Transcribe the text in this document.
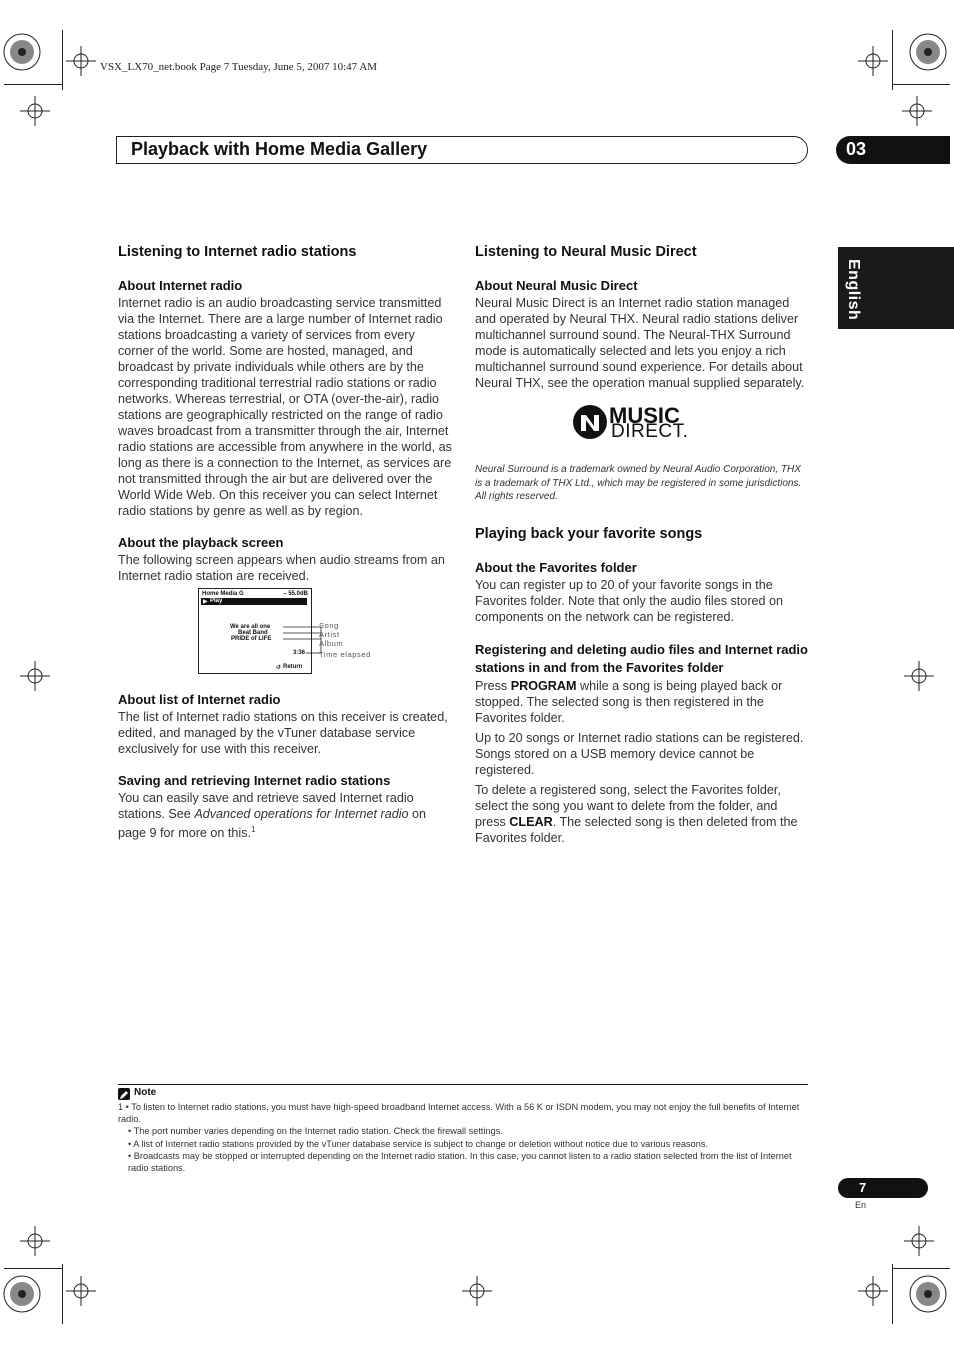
VSX_LX70_net.book Page 7 Tuesday, June 5, 2007 10:47 AM
Playback with Home Media Gallery	03
English
Listening to Internet radio stations
About Internet radio

Internet radio is an audio broadcasting service transmitted via the Internet. There are a large number of Internet radio stations broadcasting a variety of services from every corner of the world. Some are hosted, managed, and broadcast by private individuals while others are by the corresponding traditional terrestrial radio stations or radio networks. Whereas terrestrial, or OTA (over-the-air), radio stations are geographically restricted on the range of radio waves broadcast from a transmitter through the air, Internet radio stations are accessible from anywhere in the world, as long as there is a connection to the Internet, as services are not transmitted through the air but are delivered over the World Wide Web. On this receiver you can select Internet radio stations by genre as well as by region.

About the playback screen

The following screen appears when audio streams from an Internet radio station are received.

Home Media G	– 55.0dB
▶ Play
We are all one
Beat Band
PRIDE of LIFE
3:36
↺ Return
Song
Artist
Album
Time elapsed
About list of Internet radio

The list of Internet radio stations on this receiver is created, edited, and managed by the vTuner database service exclusively for use with this receiver.

Saving and retrieving Internet radio stations

You can easily save and retrieve saved Internet radio stations. See Advanced operations for Internet radio on page 9 for more on this.$^1$

Listening to Neural Music Direct
About Neural Music Direct

Neural Music Direct is an Internet radio station managed and operated by Neural THX. Neural radio stations deliver multichannel surround sound. The Neural-THX Surround mode is automatically selected and lets you enjoy a rich multichannel surround sound experience. For details about Neural THX, see the operation manual supplied separately.

MUSIC
DIRECT.
Neural Surround is a trademark owned by Neural Audio Corporation, THX is a trademark of THX Ltd., which may be registered in some jurisdictions. All rights reserved.
Playing back your favorite songs
About the Favorites folder

You can register up to 20 of your favorite songs in the Favorites folder. Note that only the audio files stored on components on the network can be registered.

Registering and deleting audio files and Internet radio stations in and from the Favorites folder

Press PROGRAM while a song is being played back or stopped. The selected song is then registered in the Favorites folder.

Up to 20 songs or Internet radio stations can be registered. Songs stored on a USB memory device cannot be registered.

To delete a registered song, select the Favorites folder, select the song you want to delete from the folder, and press CLEAR. The selected song is then deleted from the Favorites folder.

Note
1 • To listen to Internet radio stations, you must have high-speed broadband Internet access. With a 56 K or ISDN modem, you may not enjoy the full benefits of Internet radio.
• The port number varies depending on the Internet radio station. Check the firewall settings.
• A list of Internet radio stations provided by the vTuner database service is subject to change or deletion without notice due to various reasons.
• Broadcasts may be stopped or interrupted depending on the Internet radio station. In this case, you cannot listen to a radio station selected from the list of Internet radio stations.
7
En
